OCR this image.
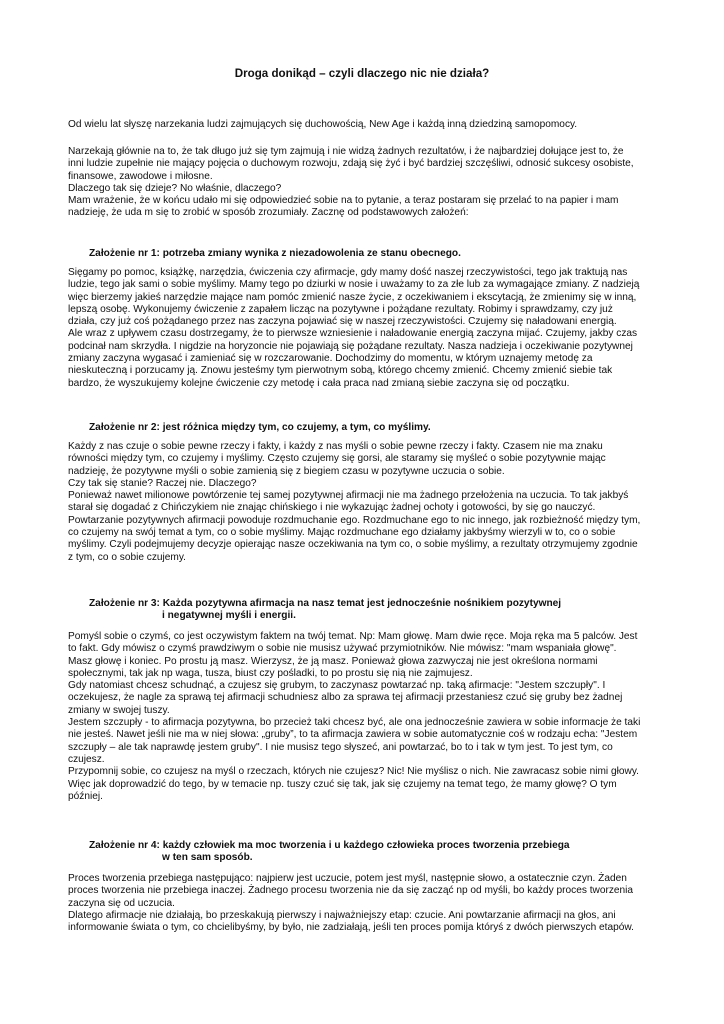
Droga donikąd – czyli dlaczego nic nie działa?

Od wielu lat słyszę narzekania ludzi zajmujących się duchowością, New Age i każdą inną dziedziną samopomocy.

Narzekają głównie na to, że tak długo już się tym zajmują i nie widzą żadnych rezultatów, i że najbardziej dołujące jest to, że
inni ludzie zupełnie nie mający pojęcia o duchowym rozwoju, zdają się żyć i być bardziej szczęśliwi, odnosić sukcesy osobiste,
finansowe, zawodowe i miłosne.
Dlaczego tak się dzieje? No właśnie, dlaczego?
Mam wrażenie, że w końcu udało mi się odpowiedzieć sobie na to pytanie, a teraz postaram się przelać to na papier i mam
nadzieję, że uda m się to zrobić w sposób zrozumiały. Zacznę od podstawowych założeń:

Założenie nr 1: potrzeba zmiany wynika z niezadowolenia ze stanu obecnego.

Sięgamy po pomoc, książkę, narzędzia, ćwiczenia czy afirmacje, gdy mamy dość naszej rzeczywistości, tego jak traktują nas
ludzie, tego jak sami o sobie myślimy. Mamy tego po dziurki w nosie i uważamy to za złe lub za wymagające zmiany. Z nadzieją
więc bierzemy jakieś narzędzie mające nam pomóc zmienić nasze życie, z oczekiwaniem i ekscytacją, że zmienimy się w inną,
lepszą osobę. Wykonujemy ćwiczenie z zapałem licząc na pozytywne i pożądane rezultaty. Robimy i sprawdzamy, czy już
działa, czy już coś pożądanego przez nas zaczyna pojawiać się w naszej rzeczywistości. Czujemy się naładowani energią.
Ale wraz z upływem czasu dostrzegamy, że to pierwsze wzniesienie i naładowanie energią zaczyna mijać. Czujemy, jakby czas
podcinał nam skrzydła. I nigdzie na horyzoncie nie pojawiają się pożądane rezultaty. Nasza nadzieja i oczekiwanie pozytywnej
zmiany zaczyna wygasać i zamieniać się w rozczarowanie. Dochodzimy do momentu, w którym uznajemy metodę za
nieskuteczną i porzucamy ją. Znowu jesteśmy tym pierwotnym sobą, którego chcemy zmienić. Chcemy zmienić siebie tak
bardzo, że wyszukujemy kolejne ćwiczenie czy metodę i cała praca nad zmianą siebie zaczyna się od początku.

Założenie nr 2: jest różnica między tym, co czujemy, a tym, co myślimy.

Każdy z nas czuje o sobie pewne rzeczy i fakty, i każdy z nas myśli o sobie pewne rzeczy i fakty. Czasem nie ma znaku
równości między tym, co czujemy i myślimy. Często czujemy się gorsi, ale staramy się myśleć o sobie pozytywnie mając
nadzieję, że pozytywne myśli o sobie zamienią się z biegiem czasu w pozytywne uczucia o sobie.
Czy tak się stanie? Raczej nie. Dlaczego?
Ponieważ nawet milionowe powtórzenie tej samej pozytywnej afirmacji nie ma żadnego przełożenia na uczucia. To tak jakbyś
starał się dogadać z Chińczykiem nie znając chińskiego i nie wykazując żadnej ochoty i gotowości, by się go nauczyć.
Powtarzanie pozytywnych afirmacji powoduje rozdmuchanie ego. Rozdmuchane ego to nic innego, jak rozbieżność między tym,
co czujemy na swój temat a tym, co o sobie myślimy. Mając rozdmuchane ego działamy jakbyśmy wierzyli w to, co o sobie
myślimy. Czyli podejmujemy decyzje opierając nasze oczekiwania na tym co, o sobie myślimy, a rezultaty otrzymujemy zgodnie
z tym, co o sobie czujemy.

Założenie nr 3: Każda pozytywna afirmacja na nasz temat jest jednocześnie nośnikiem pozytywnej
i negatywnej myśli i energii.

Pomyśl sobie o czymś, co jest oczywistym faktem na twój temat. Np: Mam głowę. Mam dwie ręce. Moja ręka ma 5 palców. Jest
to fakt. Gdy mówisz o czymś prawdziwym o sobie nie musisz używać przymiotników. Nie mówisz: "mam wspaniała głowę".
Masz głowę i koniec. Po prostu ją masz. Wierzysz, że ją masz. Ponieważ głowa zazwyczaj nie jest określona normami
społecznymi, tak jak np waga, tusza, biust czy pośladki, to po prostu się nią nie zajmujesz.
Gdy natomiast chcesz schudnąć, a czujesz się grubym, to zaczynasz powtarzać np. taką afirmacje: "Jestem szczupły". I
oczekujesz, że nagle za sprawą tej afirmacji schudniesz albo za sprawa tej afirmacji przestaniesz czuć się gruby bez żadnej
zmiany w swojej tuszy.
Jestem szczupły - to afirmacja pozytywna, bo przecież taki chcesz być, ale ona jednocześnie zawiera w sobie informacje że taki
nie jesteś. Nawet jeśli nie ma w niej słowa: „gruby”, to ta afirmacja zawiera w sobie automatycznie coś w rodzaju echa: "Jestem
szczupły – ale tak naprawdę jestem gruby". I nie musisz tego słyszeć, ani powtarzać, bo to i tak w tym jest. To jest tym, co
czujesz.
Przypomnij sobie, co czujesz na myśl o rzeczach, których nie czujesz? Nic! Nie myślisz o nich. Nie zawracasz sobie nimi głowy.
Więc jak doprowadzić do tego, by w temacie np. tuszy czuć się tak, jak się czujemy na temat tego, że mamy głowę? O tym
później.

Założenie nr 4: każdy człowiek ma moc tworzenia i u każdego człowieka proces tworzenia przebiega
w ten sam sposób.

Proces tworzenia przebiega następująco: najpierw jest uczucie, potem jest myśl, następnie słowo, a ostatecznie czyn. Żaden
proces tworzenia nie przebiega inaczej. Żadnego procesu tworzenia nie da się zacząć np od myśli, bo każdy proces tworzenia
zaczyna się od uczucia.
Dlatego afirmacje nie działają, bo przeskakują pierwszy i najważniejszy etap: czucie. Ani powtarzanie afirmacji na głos, ani
informowanie świata o tym, co chcielibyśmy, by było, nie zadziałają, jeśli ten proces pomija któryś z dwóch pierwszych etapów.
